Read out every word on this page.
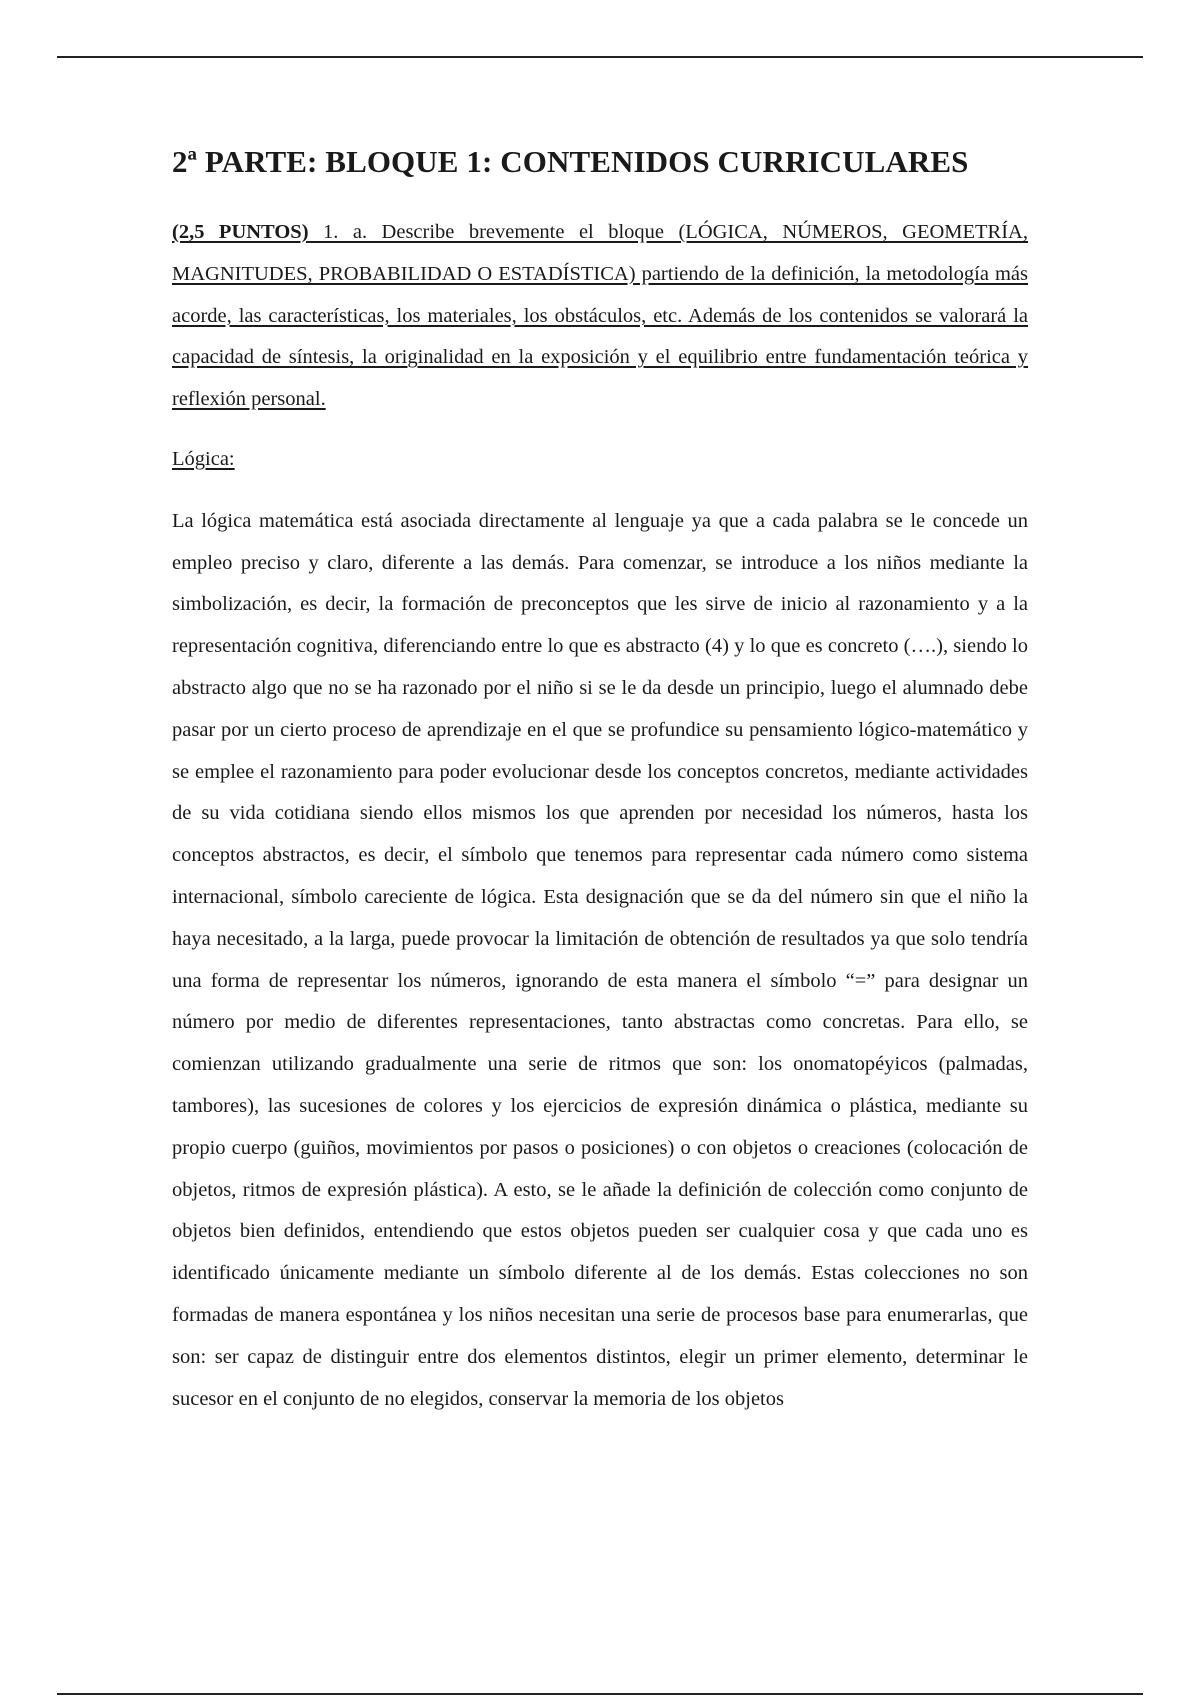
2ª PARTE: BLOQUE 1: CONTENIDOS CURRICULARES

(2,5 PUNTOS) 1. a. Describe brevemente el bloque (LÓGICA, NÚMEROS, GEOMETRÍA, MAGNITUDES, PROBABILIDAD O ESTADÍSTICA) partiendo de la definición, la metodología más acorde, las características, los materiales, los obstáculos, etc. Además de los contenidos se valorará la capacidad de síntesis, la originalidad en la exposición y el equilibrio entre fundamentación teórica y reflexión personal.

Lógica:

La lógica matemática está asociada directamente al lenguaje ya que a cada palabra se le concede un empleo preciso y claro, diferente a las demás. Para comenzar, se introduce a los niños mediante la simbolización, es decir, la formación de preconceptos que les sirve de inicio al razonamiento y a la representación cognitiva, diferenciando entre lo que es abstracto (4) y lo que es concreto (….), siendo lo abstracto algo que no se ha razonado por el niño si se le da desde un principio, luego el alumnado debe pasar por un cierto proceso de aprendizaje en el que se profundice su pensamiento lógico-matemático y se emplee el razonamiento para poder evolucionar desde los conceptos concretos, mediante actividades de su vida cotidiana siendo ellos mismos los que aprenden por necesidad los números, hasta los conceptos abstractos, es decir, el símbolo que tenemos para representar cada número como sistema internacional, símbolo careciente de lógica. Esta designación que se da del número sin que el niño la haya necesitado, a la larga, puede provocar la limitación de obtención de resultados ya que solo tendría una forma de representar los números, ignorando de esta manera el símbolo “=” para designar un número por medio de diferentes representaciones, tanto abstractas como concretas. Para ello, se comienzan utilizando gradualmente una serie de ritmos que son: los onomatopéyicos (palmadas, tambores), las sucesiones de colores y los ejercicios de expresión dinámica o plástica, mediante su propio cuerpo (guiños, movimientos por pasos o posiciones) o con objetos o creaciones (colocación de objetos, ritmos de expresión plástica). A esto, se le añade la definición de colección como conjunto de objetos bien definidos, entendiendo que estos objetos pueden ser cualquier cosa y que cada uno es identificado únicamente mediante un símbolo diferente al de los demás. Estas colecciones no son formadas de manera espontánea y los niños necesitan una serie de procesos base para enumerarlas, que son: ser capaz de distinguir entre dos elementos distintos, elegir un primer elemento, determinar le sucesor en el conjunto de no elegidos, conservar la memoria de los objetos
